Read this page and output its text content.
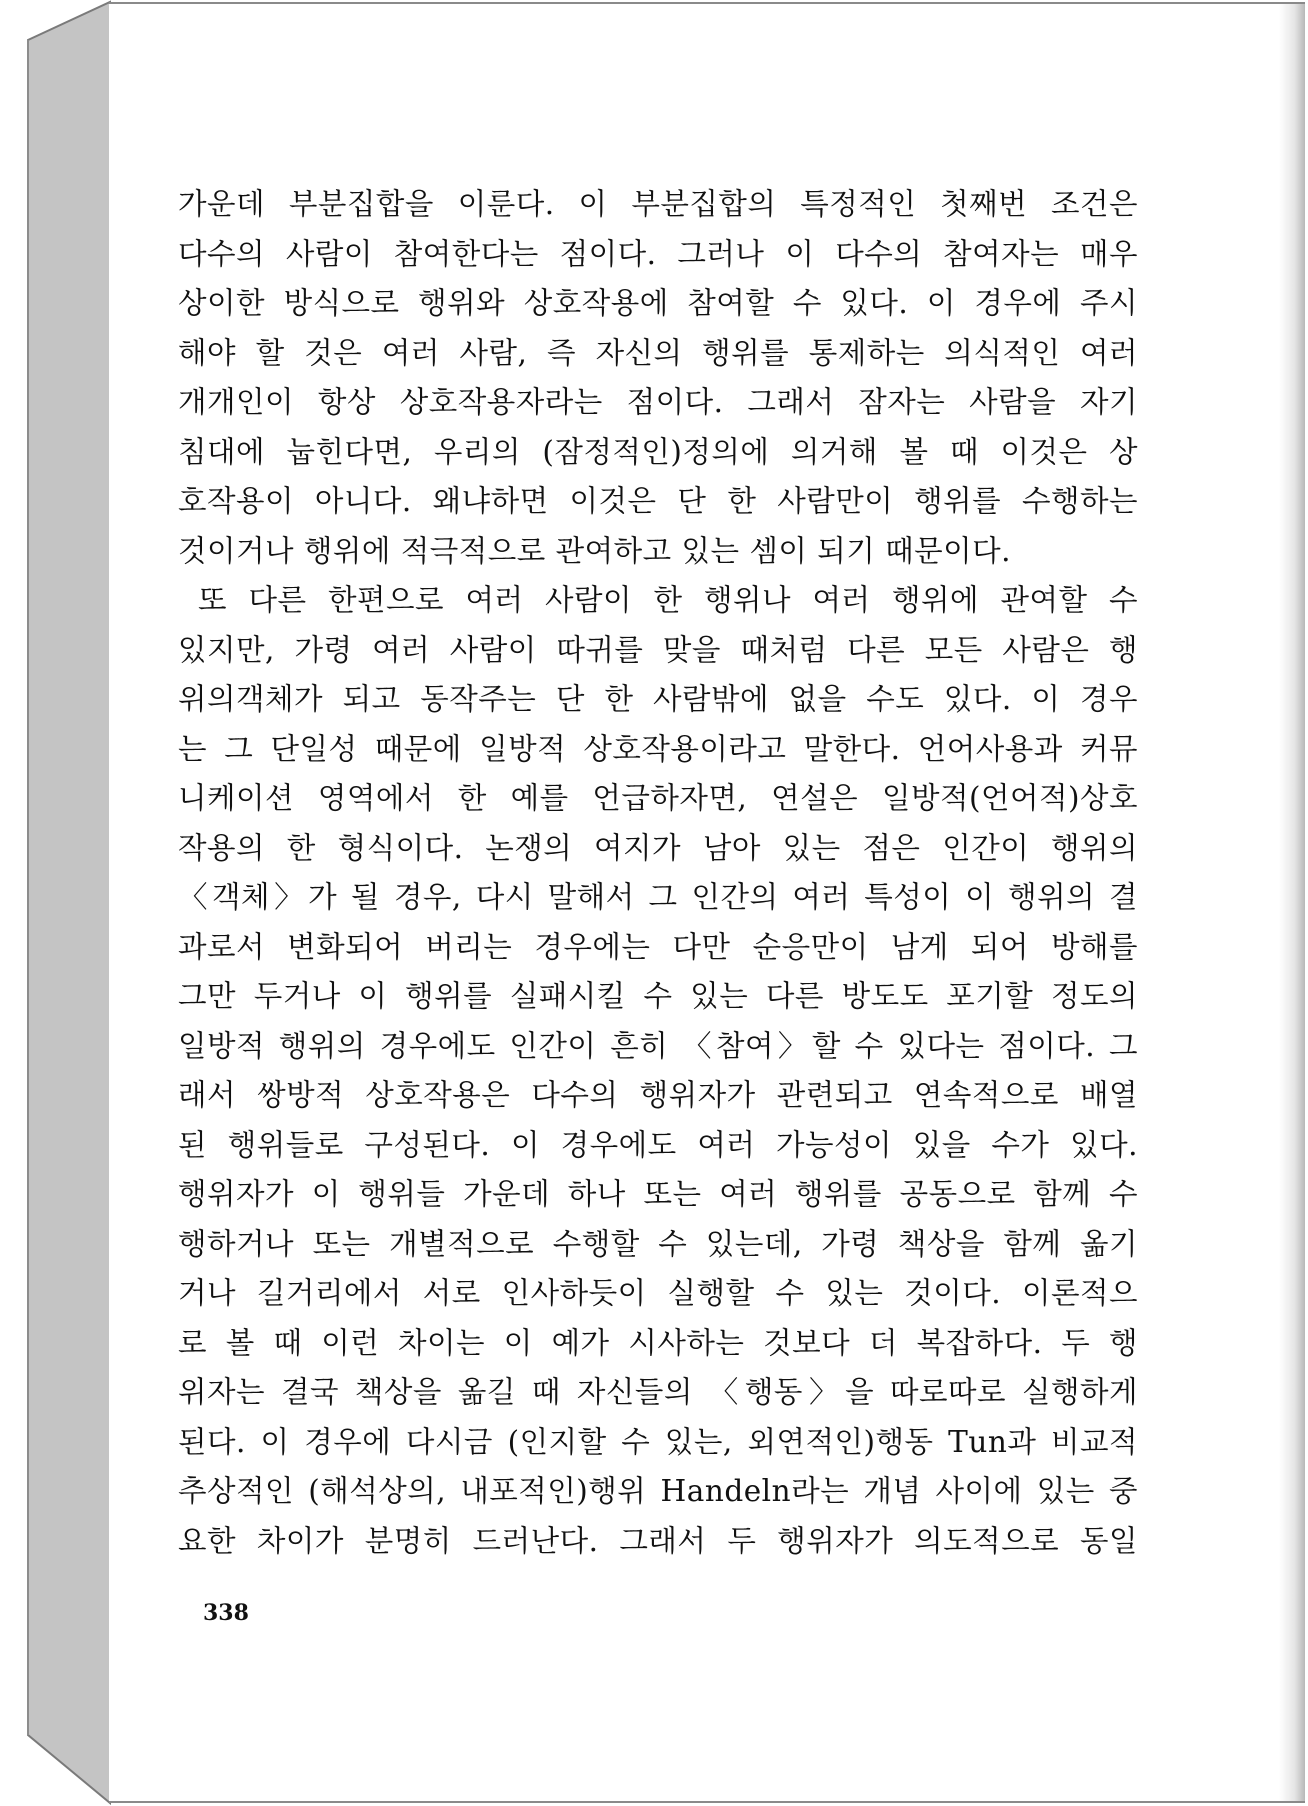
가운데 부분집합을 이룬다. 이 부분집합의 특정적인 첫째번 조건은
다수의 사람이 참여한다는 점이다. 그러나 이 다수의 참여자는 매우
상이한 방식으로 행위와 상호작용에 참여할 수 있다. 이 경우에 주시
해야 할 것은 여러 사람, 즉 자신의 행위를 통제하는 의식적인 여러
개개인이 항상 상호작용자라는 점이다. 그래서 잠자는 사람을 자기
침대에 눕힌다면, 우리의 (잠정적인)정의에 의거해 볼 때 이것은 상
호작용이 아니다. 왜냐하면 이것은 단 한 사람만이 행위를 수행하는
것이거나 행위에 적극적으로 관여하고 있는 셈이 되기 때문이다.
또 다른 한편으로 여러 사람이 한 행위나 여러 행위에 관여할 수
있지만, 가령 여러 사람이 따귀를 맞을 때처럼 다른 모든 사람은 행
위의객체가 되고 동작주는 단 한 사람밖에 없을 수도 있다. 이 경우
는 그 단일성 때문에 일방적 상호작용이라고 말한다. 언어사용과 커뮤
니케이션 영역에서 한 예를 언급하자면, 연설은 일방적(언어적)상호
작용의 한 형식이다. 논쟁의 여지가 남아 있는 점은 인간이 행위의
〈객체〉가 될 경우, 다시 말해서 그 인간의 여러 특성이 이 행위의 결
과로서 변화되어 버리는 경우에는 다만 순응만이 남게 되어 방해를
그만 두거나 이 행위를 실패시킬 수 있는 다른 방도도 포기할 정도의
일방적 행위의 경우에도 인간이 흔히 〈참여〉할 수 있다는 점이다. 그
래서 쌍방적 상호작용은 다수의 행위자가 관련되고 연속적으로 배열
된 행위들로 구성된다. 이 경우에도 여러 가능성이 있을 수가 있다.
행위자가 이 행위들 가운데 하나 또는 여러 행위를 공동으로 함께 수
행하거나 또는 개별적으로 수행할 수 있는데, 가령 책상을 함께 옮기
거나 길거리에서 서로 인사하듯이 실행할 수 있는 것이다. 이론적으
로 볼 때 이런 차이는 이 예가 시사하는 것보다 더 복잡하다. 두 행
위자는 결국 책상을 옮길 때 자신들의 〈행동〉을 따로따로 실행하게
된다. 이 경우에 다시금 (인지할 수 있는, 외연적인)행동 Tun과 비교적
추상적인 (해석상의, 내포적인)행위 Handeln라는 개념 사이에 있는 중
요한 차이가 분명히 드러난다. 그래서 두 행위자가 의도적으로 동일
338
